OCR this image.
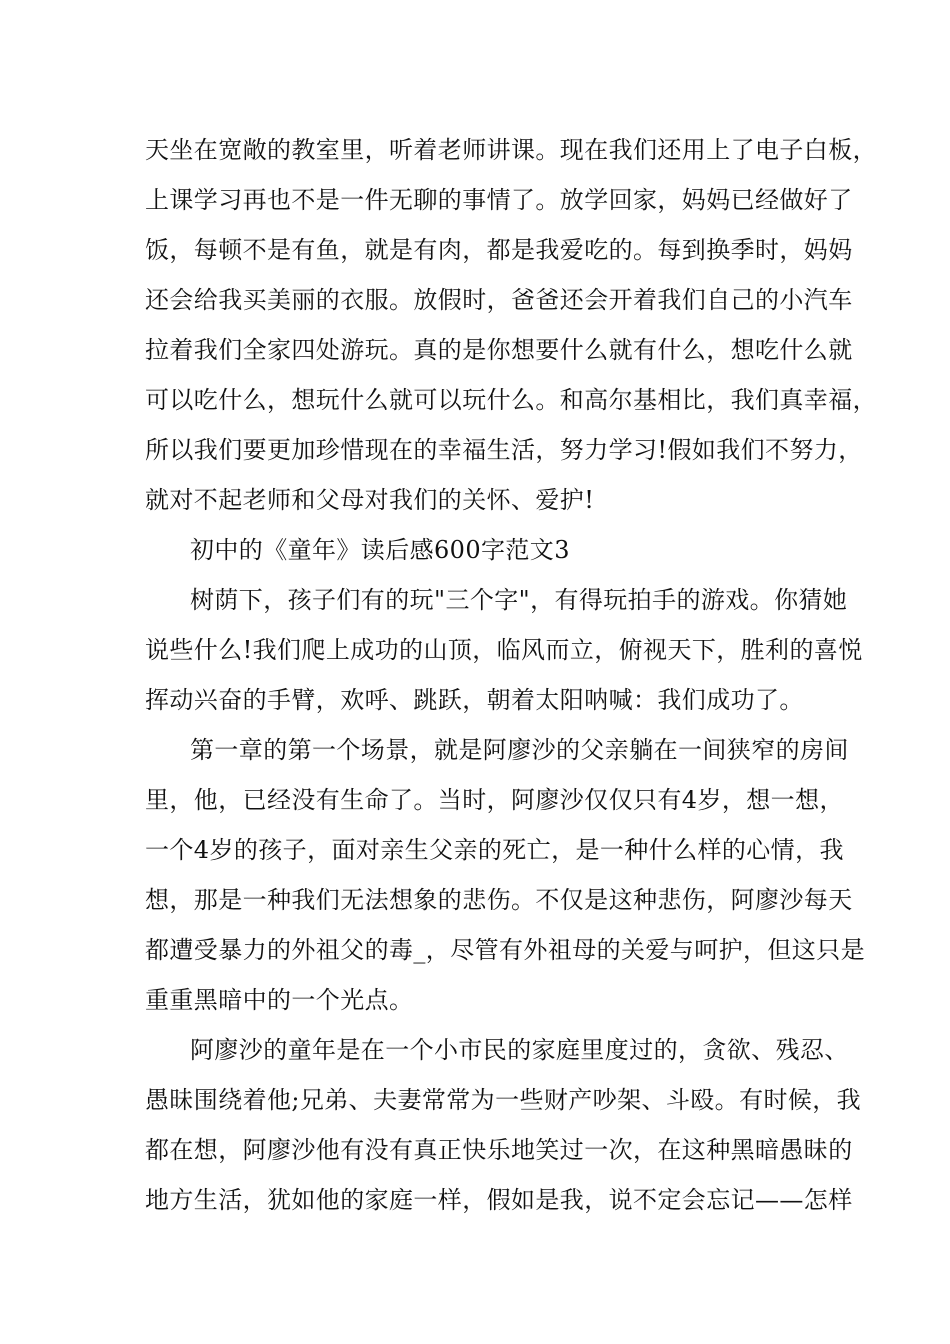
天坐在宽敞的教室里，听着老师讲课。现在我们还用上了电子白板，

上课学习再也不是一件无聊的事情了。放学回家，妈妈已经做好了

饭，每顿不是有鱼，就是有肉，都是我爱吃的。每到换季时，妈妈

还会给我买美丽的衣服。放假时，爸爸还会开着我们自己的小汽车

拉着我们全家四处游玩。真的是你想要什么就有什么，想吃什么就

可以吃什么，想玩什么就可以玩什么。和高尔基相比，我们真幸福，

所以我们要更加珍惜现在的幸福生活，努力学习!假如我们不努力，

就对不起老师和父母对我们的关怀、爱护!

初中的《童年》读后感600字范文3

树荫下，孩子们有的玩"三个字"，有得玩拍手的游戏。你猜她

说些什么!我们爬上成功的山顶，临风而立，俯视天下，胜利的喜悦

挥动兴奋的手臂，欢呼、跳跃，朝着太阳呐喊：我们成功了。

第一章的第一个场景，就是阿廖沙的父亲躺在一间狭窄的房间

里，他，已经没有生命了。当时，阿廖沙仅仅只有4岁，想一想，

一个4岁的孩子，面对亲生父亲的死亡，是一种什么样的心情，我

想，那是一种我们无法想象的悲伤。不仅是这种悲伤，阿廖沙每天

都遭受暴力的外祖父的毒_，尽管有外祖母的关爱与呵护，但这只是

重重黑暗中的一个光点。

阿廖沙的童年是在一个小市民的家庭里度过的，贪欲、残忍、

愚昧围绕着他;兄弟、夫妻常常为一些财产吵架、斗殴。有时候，我

都在想，阿廖沙他有没有真正快乐地笑过一次，在这种黑暗愚昧的

地方生活，犹如他的家庭一样，假如是我，说不定会忘记——怎样
